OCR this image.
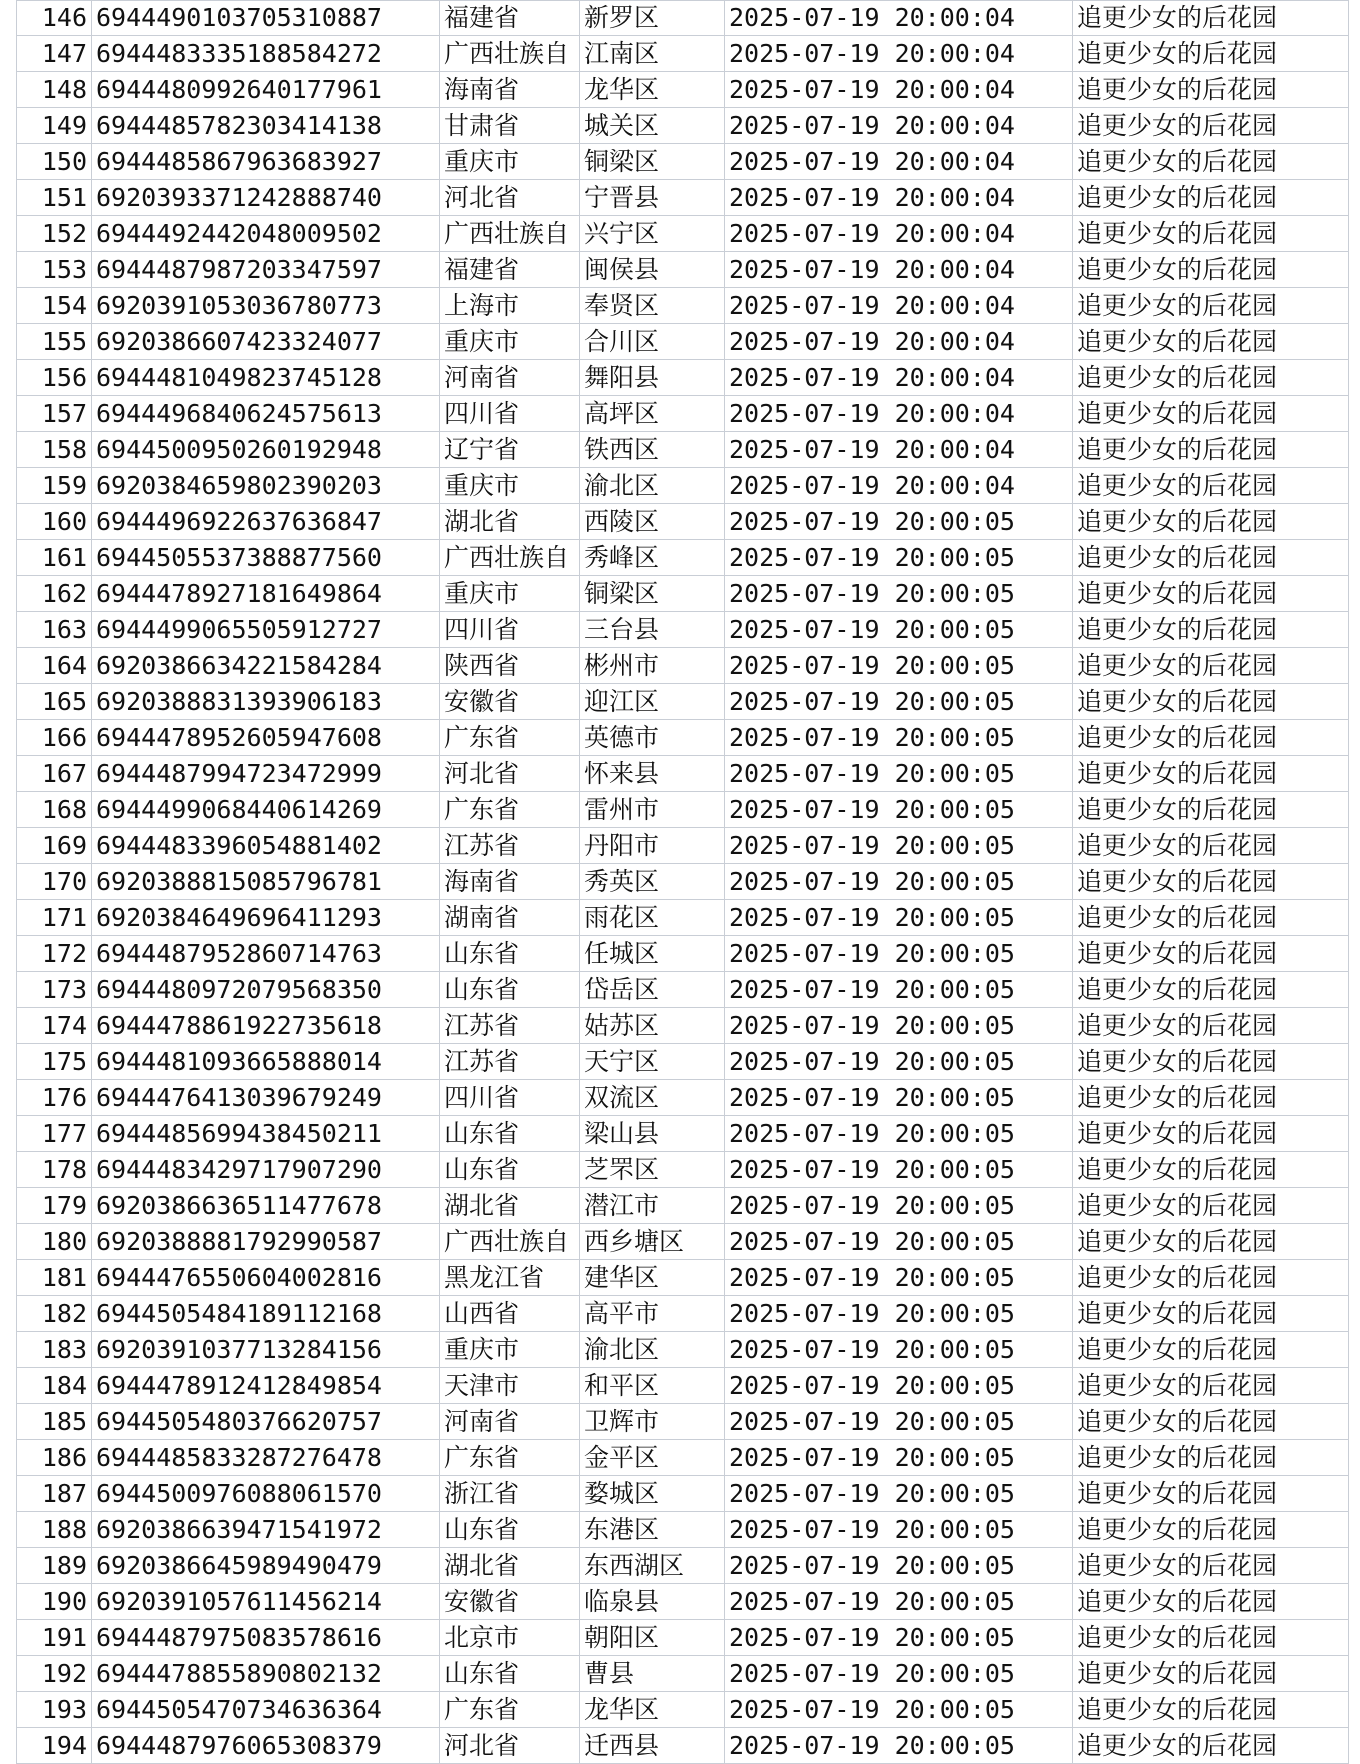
146	6944490103705310887	福建省	新罗区	2025-07-19 20:00:04	追更少女的后花园
147	6944483335188584272	广西壮族自	江南区	2025-07-19 20:00:04	追更少女的后花园
148	6944480992640177961	海南省	龙华区	2025-07-19 20:00:04	追更少女的后花园
149	6944485782303414138	甘肃省	城关区	2025-07-19 20:00:04	追更少女的后花园
150	6944485867963683927	重庆市	铜梁区	2025-07-19 20:00:04	追更少女的后花园
151	6920393371242888740	河北省	宁晋县	2025-07-19 20:00:04	追更少女的后花园
152	6944492442048009502	广西壮族自	兴宁区	2025-07-19 20:00:04	追更少女的后花园
153	6944487987203347597	福建省	闽侯县	2025-07-19 20:00:04	追更少女的后花园
154	6920391053036780773	上海市	奉贤区	2025-07-19 20:00:04	追更少女的后花园
155	6920386607423324077	重庆市	合川区	2025-07-19 20:00:04	追更少女的后花园
156	6944481049823745128	河南省	舞阳县	2025-07-19 20:00:04	追更少女的后花园
157	6944496840624575613	四川省	高坪区	2025-07-19 20:00:04	追更少女的后花园
158	6944500950260192948	辽宁省	铁西区	2025-07-19 20:00:04	追更少女的后花园
159	6920384659802390203	重庆市	渝北区	2025-07-19 20:00:04	追更少女的后花园
160	6944496922637636847	湖北省	西陵区	2025-07-19 20:00:05	追更少女的后花园
161	6944505537388877560	广西壮族自	秀峰区	2025-07-19 20:00:05	追更少女的后花园
162	6944478927181649864	重庆市	铜梁区	2025-07-19 20:00:05	追更少女的后花园
163	6944499065505912727	四川省	三台县	2025-07-19 20:00:05	追更少女的后花园
164	6920386634221584284	陕西省	彬州市	2025-07-19 20:00:05	追更少女的后花园
165	6920388831393906183	安徽省	迎江区	2025-07-19 20:00:05	追更少女的后花园
166	6944478952605947608	广东省	英德市	2025-07-19 20:00:05	追更少女的后花园
167	6944487994723472999	河北省	怀来县	2025-07-19 20:00:05	追更少女的后花园
168	6944499068440614269	广东省	雷州市	2025-07-19 20:00:05	追更少女的后花园
169	6944483396054881402	江苏省	丹阳市	2025-07-19 20:00:05	追更少女的后花园
170	6920388815085796781	海南省	秀英区	2025-07-19 20:00:05	追更少女的后花园
171	6920384649696411293	湖南省	雨花区	2025-07-19 20:00:05	追更少女的后花园
172	6944487952860714763	山东省	任城区	2025-07-19 20:00:05	追更少女的后花园
173	6944480972079568350	山东省	岱岳区	2025-07-19 20:00:05	追更少女的后花园
174	6944478861922735618	江苏省	姑苏区	2025-07-19 20:00:05	追更少女的后花园
175	6944481093665888014	江苏省	天宁区	2025-07-19 20:00:05	追更少女的后花园
176	6944476413039679249	四川省	双流区	2025-07-19 20:00:05	追更少女的后花园
177	6944485699438450211	山东省	梁山县	2025-07-19 20:00:05	追更少女的后花园
178	6944483429717907290	山东省	芝罘区	2025-07-19 20:00:05	追更少女的后花园
179	6920386636511477678	湖北省	潜江市	2025-07-19 20:00:05	追更少女的后花园
180	6920388881792990587	广西壮族自	西乡塘区	2025-07-19 20:00:05	追更少女的后花园
181	6944476550604002816	黑龙江省	建华区	2025-07-19 20:00:05	追更少女的后花园
182	6944505484189112168	山西省	高平市	2025-07-19 20:00:05	追更少女的后花园
183	6920391037713284156	重庆市	渝北区	2025-07-19 20:00:05	追更少女的后花园
184	6944478912412849854	天津市	和平区	2025-07-19 20:00:05	追更少女的后花园
185	6944505480376620757	河南省	卫辉市	2025-07-19 20:00:05	追更少女的后花园
186	6944485833287276478	广东省	金平区	2025-07-19 20:00:05	追更少女的后花园
187	6944500976088061570	浙江省	婺城区	2025-07-19 20:00:05	追更少女的后花园
188	6920386639471541972	山东省	东港区	2025-07-19 20:00:05	追更少女的后花园
189	6920386645989490479	湖北省	东西湖区	2025-07-19 20:00:05	追更少女的后花园
190	6920391057611456214	安徽省	临泉县	2025-07-19 20:00:05	追更少女的后花园
191	6944487975083578616	北京市	朝阳区	2025-07-19 20:00:05	追更少女的后花园
192	6944478855890802132	山东省	曹县	2025-07-19 20:00:05	追更少女的后花园
193	6944505470734636364	广东省	龙华区	2025-07-19 20:00:05	追更少女的后花园
194	6944487976065308379	河北省	迁西县	2025-07-19 20:00:05	追更少女的后花园
